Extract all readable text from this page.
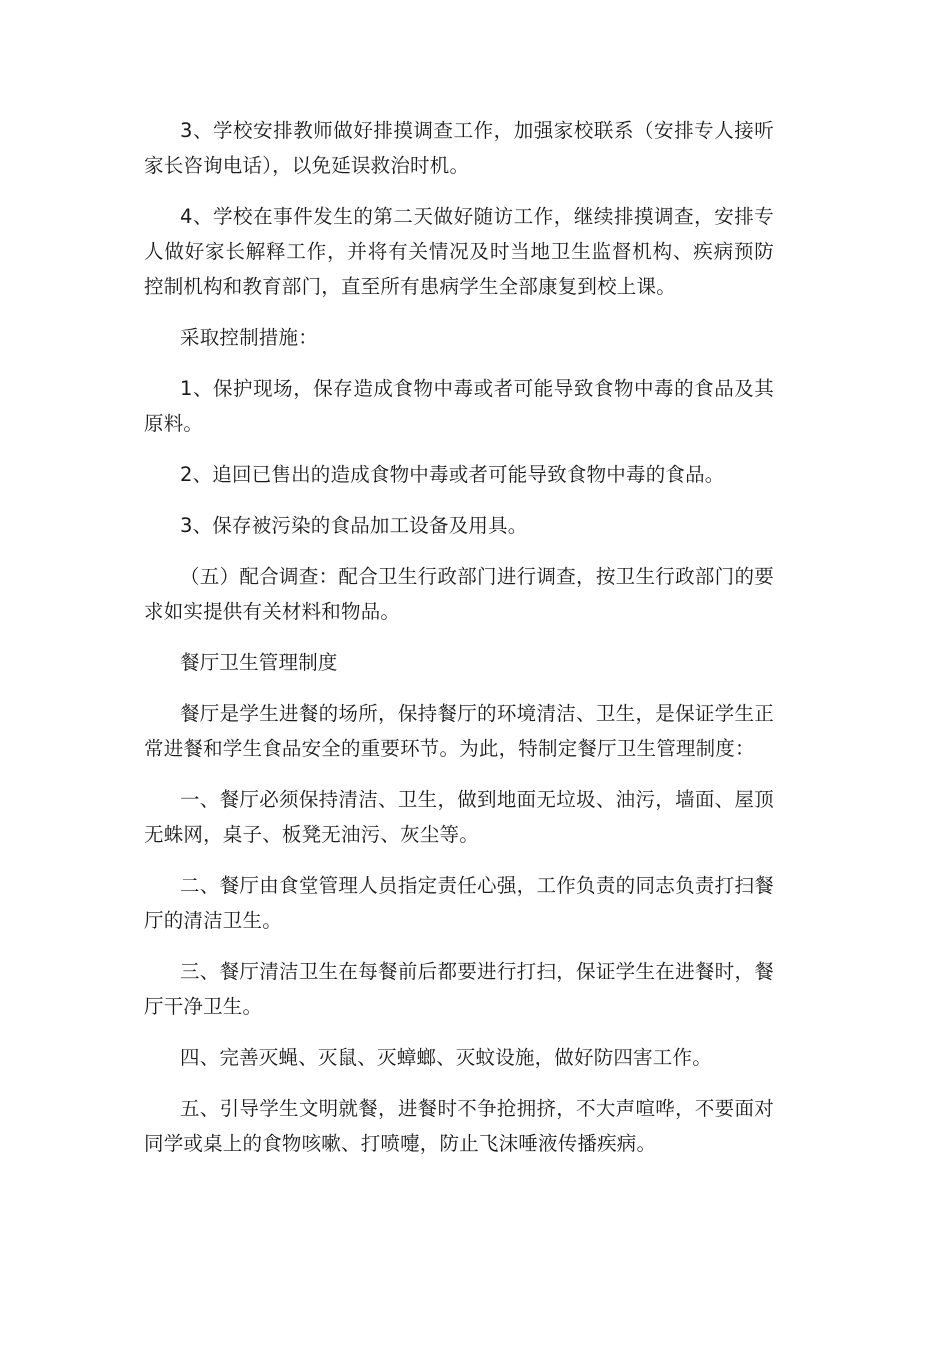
3、学校安排教师做好排摸调查工作，加强家校联系（安排专人接听家长咨询电话），以免延误救治时机。

4、学校在事件发生的第二天做好随访工作，继续排摸调查，安排专人做好家长解释工作，并将有关情况及时当地卫生监督机构、疾病预防控制机构和教育部门，直至所有患病学生全部康复到校上课。

采取控制措施：

1、保护现场，保存造成食物中毒或者可能导致食物中毒的食品及其原料。

2、追回已售出的造成食物中毒或者可能导致食物中毒的食品。

3、保存被污染的食品加工设备及用具。

（五）配合调查：配合卫生行政部门进行调查，按卫生行政部门的要求如实提供有关材料和物品。

餐厅卫生管理制度

餐厅是学生进餐的场所，保持餐厅的环境清洁、卫生，是保证学生正常进餐和学生食品安全的重要环节。为此，特制定餐厅卫生管理制度：

一、餐厅必须保持清洁、卫生，做到地面无垃圾、油污，墙面、屋顶无蛛网，桌子、板凳无油污、灰尘等。

二、餐厅由食堂管理人员指定责任心强，工作负责的同志负责打扫餐厅的清洁卫生。

三、餐厅清洁卫生在每餐前后都要进行打扫，保证学生在进餐时，餐厅干净卫生。

四、完善灭蝇、灭鼠、灭蟑螂、灭蚊设施，做好防四害工作。

五、引导学生文明就餐，进餐时不争抢拥挤，不大声喧哗，不要面对同学或桌上的食物咳嗽、打喷嚏，防止飞沫唾液传播疾病。
